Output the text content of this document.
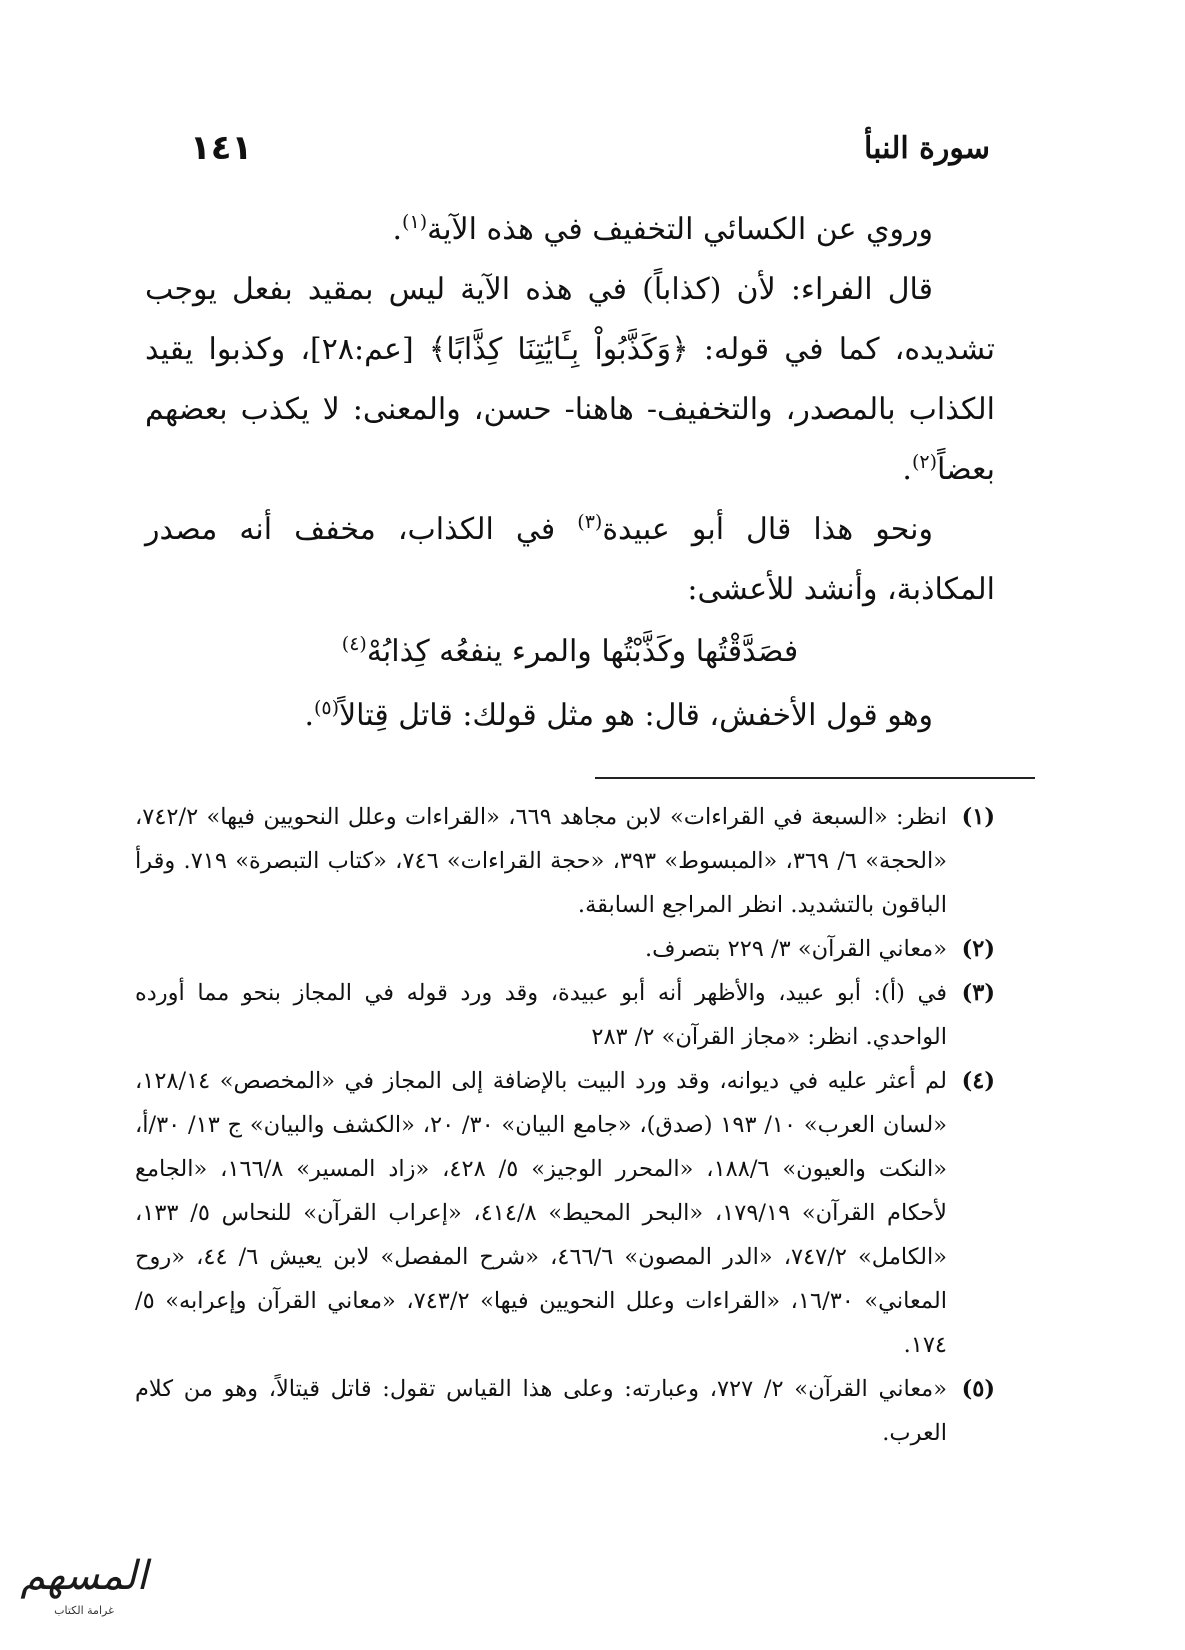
سورة النبأ
١٤١

وروي عن الكسائي التخفيف في هذه الآية$^{(١)}$.

قال الفراء: لأن (كذاباً) في هذه الآية ليس بمقيد بفعل يوجب تشديده، كما في قوله: ﴿وَكَذَّبُواْ بِـَٔايَٰتِنَا كِذَّابًا﴾ [عم:٢٨]، وكذبوا يقيد الكذاب بالمصدر، والتخفيف- هاهنا- حسن، والمعنى: لا يكذب بعضهم بعضاً$^{(٢)}$.

ونحو هذا قال أبو عبيدة$^{(٣)}$ في الكذاب، مخفف أنه مصدر المكاذبة، وأنشد للأعشى:

فصَدَّقْتُها وكَذَّبْتُها والمرء ينفعُه كِذابُهْ$^{(٤)}$

وهو قول الأخفش، قال: هو مثل قولك: قاتل قِتالاً$^{(٥)}$.

(١)
انظر: «السبعة في القراءات» لابن مجاهد ٦٦٩، «القراءات وعلل النحويين فيها» ٧٤٢/٢، «الحجة» ٦/ ٣٦٩، «المبسوط» ٣٩٣، «حجة القراءات» ٧٤٦، «كتاب التبصرة» ٧١٩. وقرأ الباقون بالتشديد. انظر المراجع السابقة.
(٢)
«معاني القرآن» ٣/ ٢٢٩ بتصرف.
(٣)
في (أ): أبو عبيد، والأظهر أنه أبو عبيدة، وقد ورد قوله في المجاز بنحو مما أورده الواحدي. انظر: «مجاز القرآن» ٢/ ٢٨٣
(٤)
لم أعثر عليه في ديوانه، وقد ورد البيت بالإضافة إلى المجاز في «المخصص» ١٢٨/١٤، «لسان العرب» ١٠/ ١٩٣ (صدق)، «جامع البيان» ٣٠/ ٢٠، «الكشف والبيان» ج ١٣/ ٣٠/أ، «النكت والعيون» ١٨٨/٦، «المحرر الوجيز» ٥/ ٤٢٨، «زاد المسير» ١٦٦/٨، «الجامع لأحكام القرآن» ١٧٩/١٩، «البحر المحيط» ٤١٤/٨، «إعراب القرآن» للنحاس ٥/ ١٣٣، «الكامل» ٧٤٧/٢، «الدر المصون» ٤٦٦/٦، «شرح المفصل» لابن يعيش ٦/ ٤٤، «روح المعاني» ١٦/٣٠، «القراءات وعلل النحويين فيها» ٧٤٣/٢، «معاني القرآن وإعرابه» ٥/ ١٧٤.
(٥)
«معاني القرآن» ٢/ ٧٢٧، وعبارته: وعلى هذا القياس تقول: قاتل قيتالاً، وهو من كلام العرب.
المسهم
غرامة الكتاب
